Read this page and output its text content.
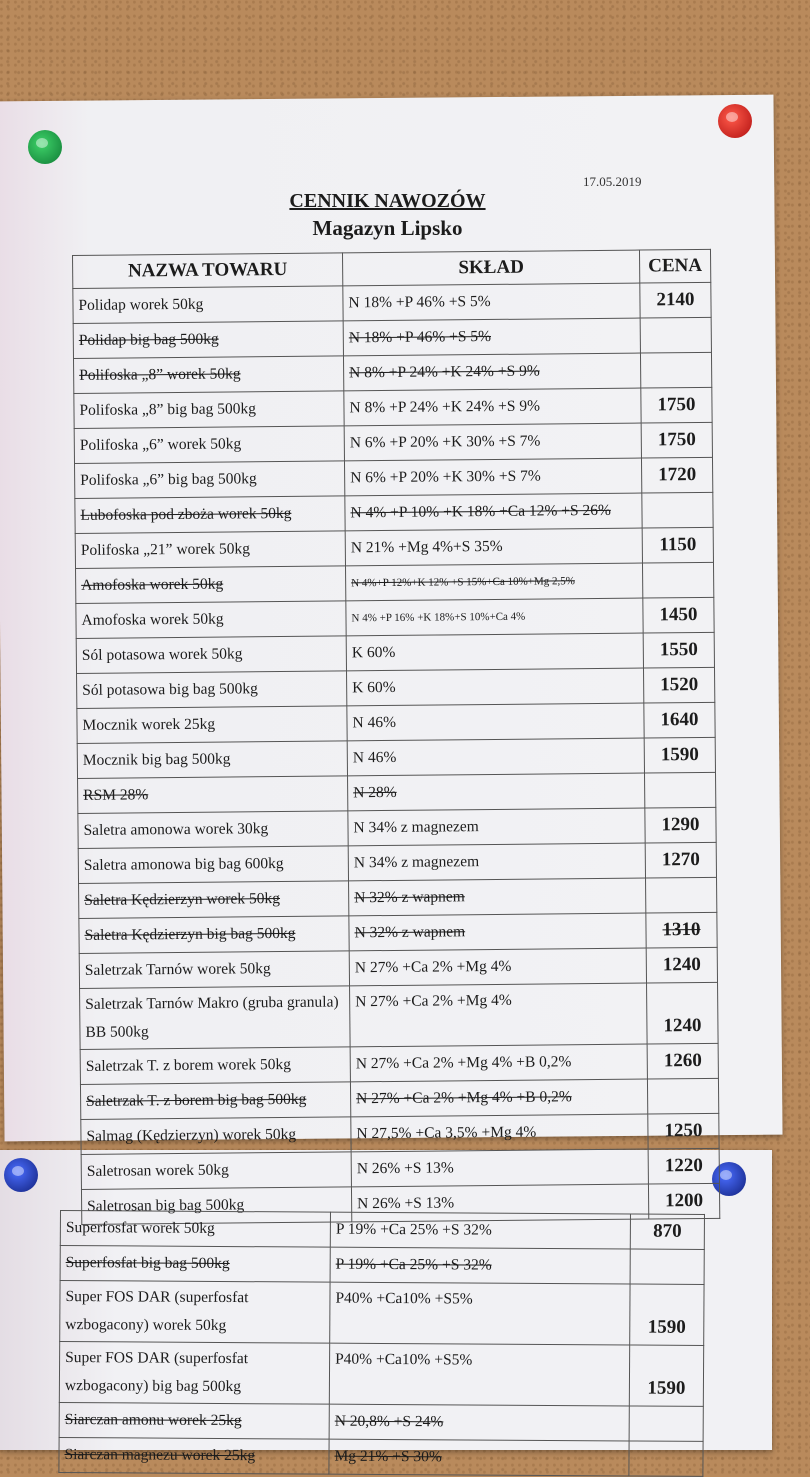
17.05.2019
CENNIK NAWOZÓW
Magazyn Lipsko
NAZWA TOWARU	SKŁAD	CENA
Polidap worek 50kg	N 18% +P 46% +S 5%	2140
Polidap big bag 500kg	N 18% +P 46% +S 5%	
Polifoska „8” worek 50kg	N 8% +P 24% +K 24% +S 9%	
Polifoska „8” big bag 500kg	N 8% +P 24% +K 24% +S 9%	1750
Polifoska „6” worek 50kg	N 6% +P 20% +K 30% +S 7%	1750
Polifoska „6” big bag 500kg	N 6% +P 20% +K 30% +S 7%	1720
Lubofoska pod zboża worek 50kg	N 4% +P 10% +K 18% +Ca 12% +S 26%	
Polifoska „21” worek 50kg	N 21% +Mg 4%+S 35%	1150
Amofoska worek 50kg	N 4%+P 12%+K 12% +S 15%+Ca 10%+Mg 2,5%	
Amofoska worek 50kg	N 4% +P 16% +K 18%+S 10%+Ca 4%	1450
Sól potasowa worek 50kg	K 60%	1550
Sól potasowa big bag 500kg	K 60%	1520
Mocznik worek 25kg	N 46%	1640
Mocznik big bag 500kg	N 46%	1590
RSM 28%	N 28%	
Saletra amonowa worek 30kg	N 34% z magnezem	1290
Saletra amonowa big bag 600kg	N 34% z magnezem	1270
Saletra Kędzierzyn worek 50kg	N 32% z wapnem	
Saletra Kędzierzyn big bag 500kg	N 32% z wapnem	1310
Saletrzak Tarnów worek 50kg	N 27% +Ca 2% +Mg 4%	1240
Saletrzak Tarnów Makro (gruba granula) BB 500kg	N 27% +Ca 2% +Mg 4%	1240
Saletrzak T. z borem worek 50kg	N 27% +Ca 2% +Mg 4% +B 0,2%	1260
Saletrzak T. z borem big bag 500kg	N 27% +Ca 2% +Mg 4% +B 0,2%	
Salmag (Kędzierzyn) worek 50kg	N 27,5% +Ca 3,5% +Mg 4%	1250
Saletrosan worek 50kg	N 26% +S 13%	1220
Saletrosan big bag 500kg	N 26% +S 13%	1200
Superfosfat worek 50kg	P 19% +Ca 25% +S 32%	870
Superfosfat big bag 500kg	P 19% +Ca 25% +S 32%	
Super FOS DAR (superfosfat wzbogacony) worek 50kg	P40% +Ca10% +S5%	1590
Super FOS DAR (superfosfat wzbogacony) big bag 500kg	P40% +Ca10% +S5%	1590
Siarczan amonu worek 25kg	N 20,8% +S 24%	
Siarczan magnezu worek 25kg	Mg 21% +S 30%	
